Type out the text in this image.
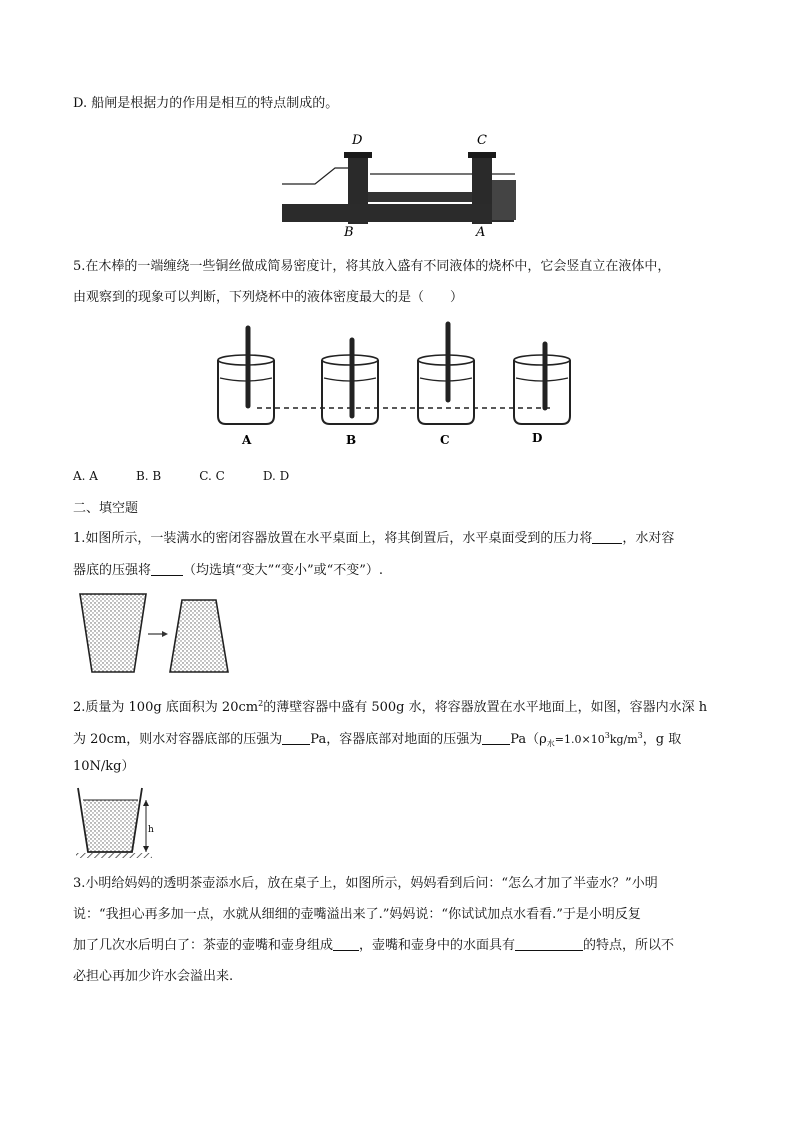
D. 船闸是根据力的作用是相互的特点制成的。
D	C
B	A
5.在木棒的一端缠绕一些铜丝做成简易密度计，将其放入盛有不同液体的烧杯中，它会竖直立在液体中，
由观察到的现象可以判断，下列烧杯中的液体密度最大的是（　　）
A	B	C	D
A. A	B. B	C. C	D. D
二、填空题
1.如图所示，一装满水的密闭容器放置在水平桌面上，将其倒置后，水平桌面受到的压力将 ，水对容
器底的压强将 （均选填“变大”“变小”或“不变”）.
2.质量为 100g 底面积为 $20cm^2$的薄壁容器中盛有 500g 水，将容器放置在水平地面上，如图，容器内水深 h
为 20cm，则水对容器底部的压强为 Pa，容器底部对地面的压强为 $Pa(\rho_水=1.0\times 10^3kg/m^3$，g 取
10N/kg）
h
3.小明给妈妈的透明茶壶添水后，放在桌子上，如图所示，妈妈看到后问：“怎么才加了半壶水？”小明
说：“我担心再多加一点，水就从细细的壶嘴溢出来了.”妈妈说：“你试试加点水看看.”于是小明反复
加了几次水后明白了：茶壶的壶嘴和壶身组成 ，壶嘴和壶身中的水面具有	的特点，所以不
必担心再加少许水会溢出来.
